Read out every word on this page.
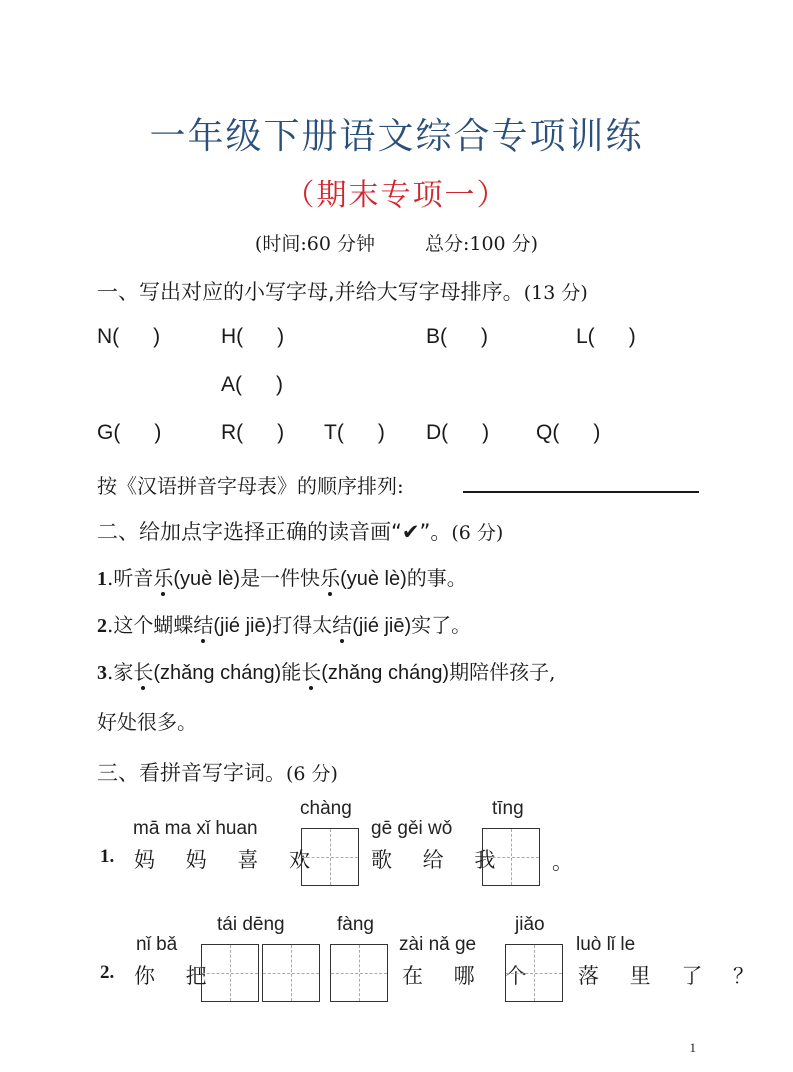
一年级下册语文综合专项训练
（期末专项一）
(时间:60 分钟	总分:100 分)
一、写出对应的小写字母,并给大写字母排序。(13 分)
N( )	H( )	B( )	L( )
A( )
G( )	R( ) T( ) D( ) Q( )
按《汉语拼音字母表》的顺序排列:
二、给加点字选择正确的读音画“✔”。(6 分)
1.听音乐(yuè lè)是一件快乐(yuè lè)的事。
2.这个蝴蝶结(jié jiē)打得太结(jié jiē)实了。
3.家长(zhǎng cháng)能长(zhǎng cháng)期陪伴孩子,
好处很多。
三、看拼音写字词。(6 分)
mā ma xǐ huan
1. 妈 妈 喜 欢
chàng
gē gěi wǒ
歌 给 我
tīng
。
tái dēng	fàng	jiǎo
nǐ bǎ	zài nǎ ge	luò lǐ le
2. 你 把	在 哪 个 落 里 了 ？
1
